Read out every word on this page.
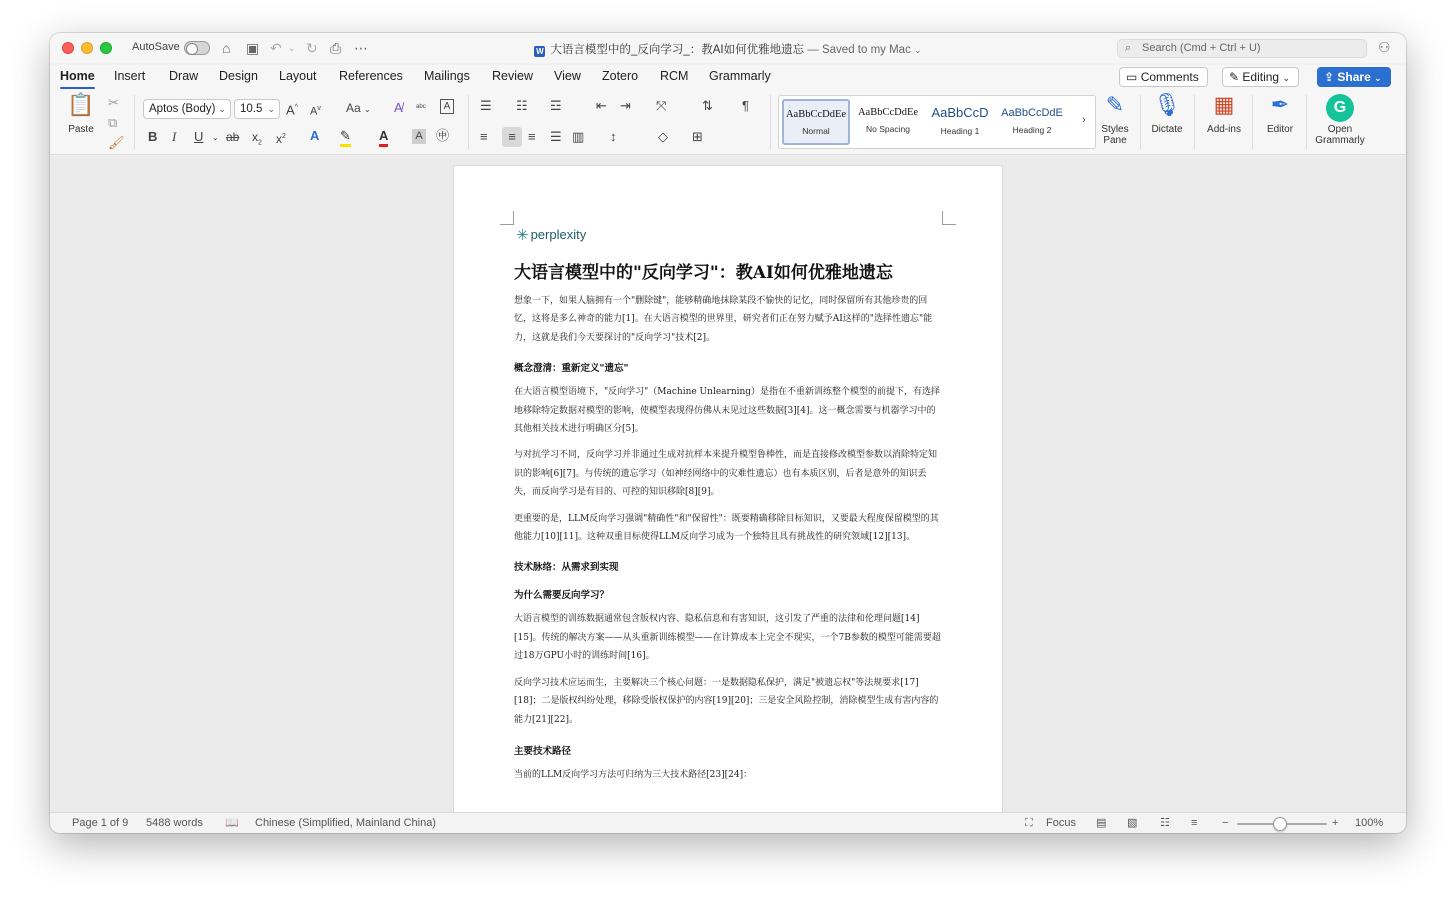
AutoSave	⌂ ▣ ↶ ⌄ ↻ ⎙ ⋯	W 大语言模型中的_反向学习_：教AI如何优雅地遗忘 — Saved to my Mac ⌄	⌕ Search (Cmd + Ctrl + U)	⚇
Home Insert Draw Design Layout References Mailings Review View Zotero RCM Grammarly	▭ Comments	✎ Editing ⌄	⇪ Share ⌄
📋
Paste
✂
⧉
🖌
Aptos (Body) ⌄	10.5 ⌄ A^ $A^v$ Aa ⌄ A̸ ᵃᵇᶜ	A
B I U ⌄ ab $x_2$ $x^2$ A ✎ A	A ㊥
☰ ☷ ☲	⇤ ⇥ ⤧	⇅ ¶
≡	≡ ≡ ☰ ▥ ↕	◇ ⊞
AaBbCcDdEe
Normal
AaBbCcDdEe
No Spacing
AaBbCcD
Heading 1
AaBbCcDdE
Heading 2
›
✎
Styles Pane
🎙
Dictate
▦
Add-ins
✒
Editor
G
Open Grammarly
✳ perplexity
大语言模型中的"反向学习"：教AI如何优雅地遗忘
想象一下，如果人脑拥有一个"删除键"，能够精确地抹除某段不愉快的记忆，同时保留所有其他珍贵的回忆，这将是多么神奇的能力[1]。在大语言模型的世界里，研究者们正在努力赋予AI这样的"选择性遗忘"能力，这就是我们今天要探讨的"反向学习"技术[2]。
概念澄清：重新定义"遗忘"
在大语言模型语境下，"反向学习"（Machine Unlearning）是指在不重新训练整个模型的前提下，有选择地移除特定数据对模型的影响，使模型表现得仿佛从未见过这些数据[3][4]。这一概念需要与机器学习中的其他相关技术进行明确区分[5]。
与对抗学习不同，反向学习并非通过生成对抗样本来提升模型鲁棒性，而是直接修改模型参数以消除特定知识的影响[6][7]。与传统的遗忘学习（如神经网络中的灾难性遗忘）也有本质区别，后者是意外的知识丢失，而反向学习是有目的、可控的知识移除[8][9]。
更重要的是，LLM反向学习强调"精确性"和"保留性"：既要精确移除目标知识，又要最大程度保留模型的其他能力[10][11]。这种双重目标使得LLM反向学习成为一个独特且具有挑战性的研究领域[12][13]。
技术脉络：从需求到实现
为什么需要反向学习？
大语言模型的训练数据通常包含版权内容、隐私信息和有害知识，这引发了严重的法律和伦理问题[14][15]。传统的解决方案——从头重新训练模型——在计算成本上完全不现实，一个7B参数的模型可能需要超过18万GPU小时的训练时间[16]。
反向学习技术应运而生，主要解决三个核心问题：一是数据隐私保护，满足"被遗忘权"等法规要求[17][18]；二是版权纠纷处理，移除受版权保护的内容[19][20]；三是安全风险控制，消除模型生成有害内容的能力[21][22]。
主要技术路径
当前的LLM反向学习方法可归纳为三大技术路径[23][24]：
Page 1 of 9 5488 words 📖 Chinese (Simplified, Mainland China)	⛶ Focus ▤ ▧ ☷ ≡ −	+ 100%
